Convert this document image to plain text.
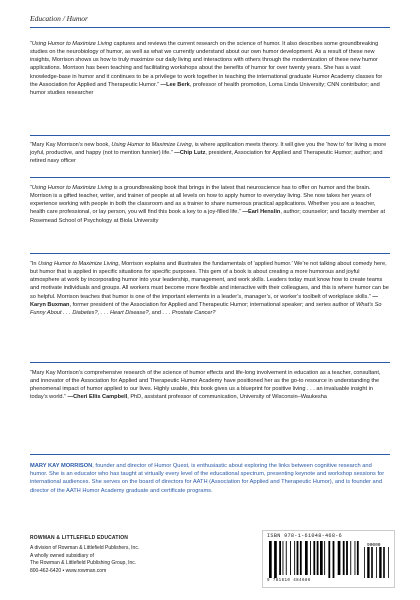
Education / Humor

“Using Humor to Maximize Living captures and reviews the current research on the science of humor. It also describes some groundbreaking studies on the neurobiology of humor, as well as what we currently understand about our own humor development. As a result of these new insights, Morrison shows us how to truly maximize our daily living and interactions with others through the modernization of these new humor applications. Morrison has been teaching and facilitating workshops about the benefits of humor for over twenty years. She has a vast knowledge-base in humor and it continues to be a privilege to work together in teaching the international graduate Humor Academy classes for the Association for Applied and Therapeutic Humor.” —Lee Berk, professor of health promotion, Loma Linda University; CNN contributor; and humor studies researcher

“Mary Kay Morrison’s new book, Using Humor to Maximize Living, is where application meets theory. It will give you the ‘how to’ for living a more joyful, productive, and happy (not to mention funnier) life.” —Chip Lutz, president, Association for Applied and Therapeutic Humor; author; and retired navy officer

“Using Humor to Maximize Living is a groundbreaking book that brings in the latest that neuroscience has to offer on humor and the brain. Morrison is a gifted teacher, writer, and trainer of people at all levels on how to apply humor to everyday living. She now takes her years of experience working with people in both the classroom and as a trainer to share numerous practical applications. Whether you are a teacher, health care professional, or lay person, you will find this book a key to a joy-filled life.” —Earl Henslin, author; counselor; and faculty member at Rosemead School of Psychology at Biola University

“In Using Humor to Maximize Living, Morrison explains and illustrates the fundamentals of ‘applied humor.’ We’re not talking about comedy here, but humor that is applied in specific situations for specific purposes. This gem of a book is about creating a more humorous and joyful atmosphere at work by incorporating humor into your leadership, management, and work skills. Leaders today must know how to create teams and motivate individuals and groups. All workers must become more flexible and interactive with their colleagues, and this is where humor can be so helpful. Morrison teaches that humor is one of the important elements in a leader’s, manager’s, or worker’s toolbelt of workplace skills.” —Karyn Buxman, former president of the Association for Applied and Therapeutic Humor; international speaker; and series author of What’s So Funny About . . . Diabetes?, . . . Heart Disease?, and . . . Prostate Cancer?

“Mary Kay Morrison’s comprehensive research of the science of humor effects and life-long involvement in education as a teacher, consultant, and innovator of the Association for Applied and Therapeutic Humor Academy have positioned her as the go-to resource in understanding the phenomenal impact of humor applied to our lives. Highly usable, this book gives us a blueprint for positive living . . . an invaluable insight in today’s world.” —Cheri Ellis Campbell, PhD, assistant professor of communication, University of Wisconsin–Waukesha

MARY KAY MORRISON, founder and director of Humor Quest, is enthusiastic about exploring the links between cognitive research and humor. She is an educator who has taught at virtually every level of the educational spectrum, presenting keynote and workshop sessions for international audiences. She serves on the board of directors for AATH (Association for Applied and Therapeutic Humor), and is founder and director of the AATH Humor Academy graduate and certificate programs.
ROWMAN & LITTLEFIELD EDUCATION
A division of Rowman & Littlefield Publishers, Inc.
A wholly owned subsidiary of
The Rowman & Littlefield Publishing Group, Inc.
800-462-6420 • www.rowman.com
ISBN 978-1-61048-468-6
90000
9 781610 484686
